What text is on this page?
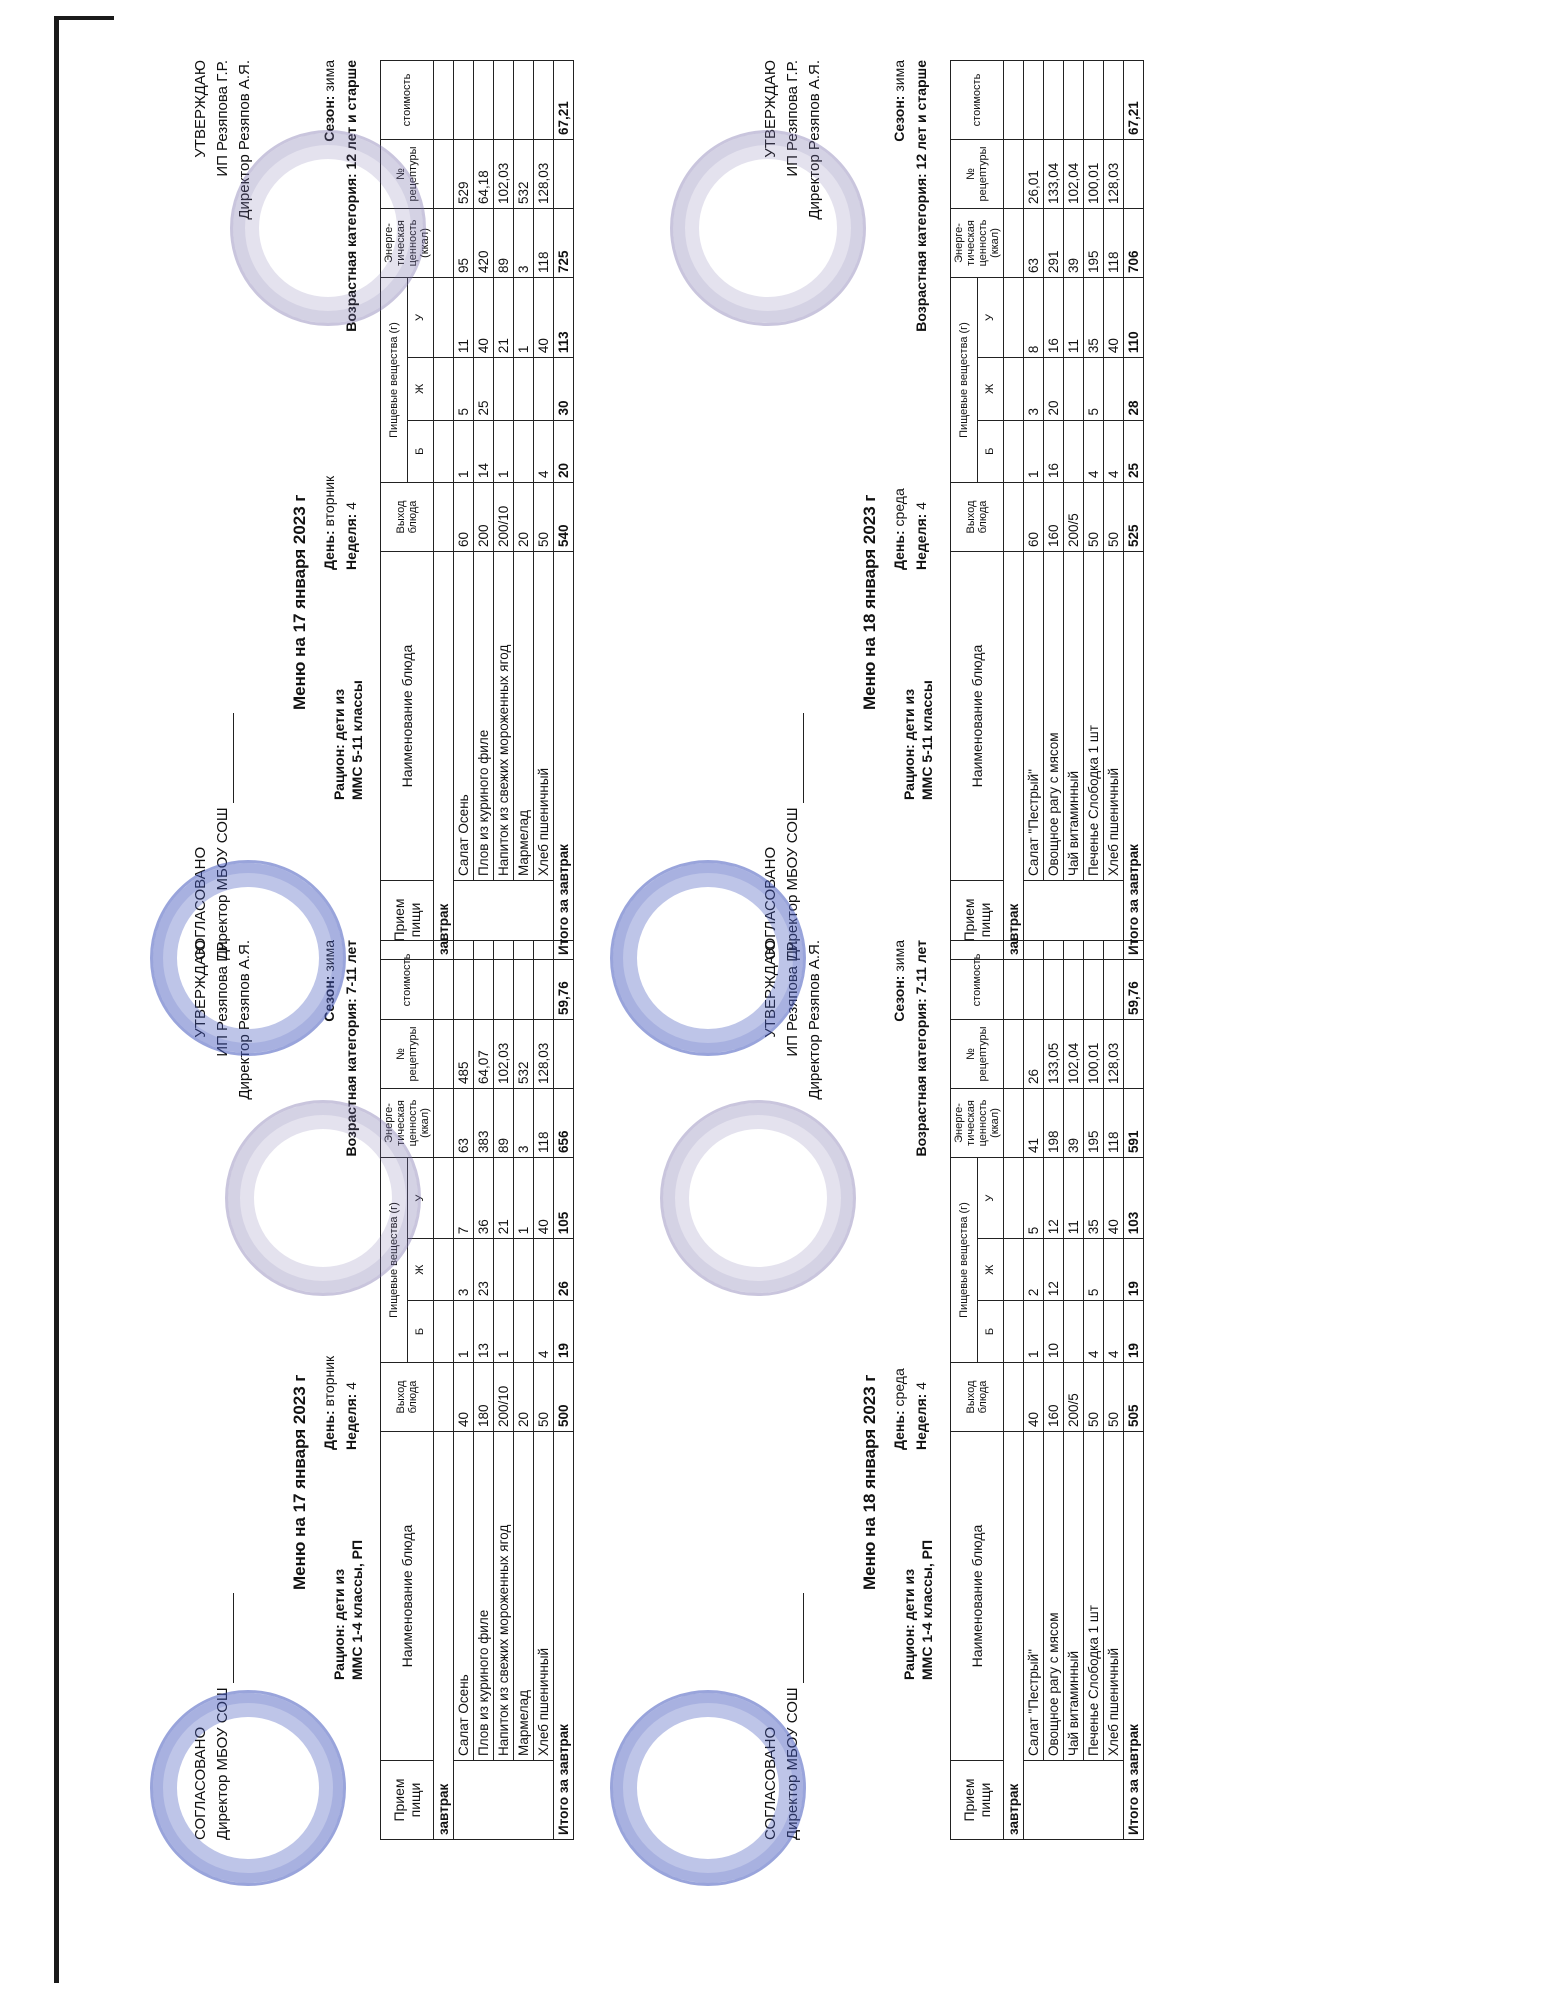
СОГЛАСОВАНО Директор МБОУ СОШ
УТВЕРЖДАЮ ИП Резяпова Г.Р. Директор Резяпов А.Я.
Меню на 17 января 2023 г
Рацион: дети из ММС 1-4 классы, РП
День: вторник
Неделя: 4
Сезон: зима Возрастная категория: 7-11 лет
Прием пищи	Наименование блюда	Выход блюда	Пищевые вещества (г)			Энерге-тическая ценность (ккал)	№ рецептуры	стоимость
			Б	Ж	У			
завтрак								
	Салат Осень	40	1	3	7	63	485	
	Плов из куриного филе	180	13	23	36	383	64,07	
	Напиток из свежих мороженных ягод	200/10	1		21	89	102,03	
	Мармелад	20			1	3	532	
	Хлеб пшеничный	50	4		40	118	128,03	
Итого за завтрак		500	19	26	105	656		59,76
СОГЛАСОВАНО Директор МБОУ СОШ
УТВЕРЖДАЮ ИП Резяпова Г.Р. Директор Резяпов А.Я.
Меню на 18 января 2023 г
Рацион: дети из ММС 1-4 классы, РП
День: среда
Неделя: 4
Сезон: зима Возрастная категория: 7-11 лет
Прием пищи	Наименование блюда	Выход блюда	Пищевые вещества (г)			Энерге-тическая ценность (ккал)	№ рецептуры	стоимость
			Б	Ж	У			
завтрак								
	Салат "Пестрый"	40	1	2	5	41	26	
	Овощное рагу с мясом	160	10	12	12	198	133,05	
	Чай витаминный	200/5			11	39	102,04	
	Печенье Слободка 1 шт	50	4	5	35	195	100,01	
	Хлеб пшеничный	50	4		40	118	128,03	
Итого за завтрак		505	19	19	103	591		59,76
СОГЛАСОВАНО Директор МБОУ СОШ
УТВЕРЖДАЮ ИП Резяпова Г.Р. Директор Резяпов А.Я.
Меню на 17 января 2023 г
Рацион: дети из ММС 5-11 классы
День: вторник
Неделя: 4
Сезон: зима Возрастная категория: 12 лет и старше
Прием пищи	Наименование блюда	Выход блюда	Пищевые вещества (г)			Энерге-тическая ценность (ккал)	№ рецептуры	стоимость
			Б	Ж	У			
завтрак								
	Салат Осень	60	1	5	11	95	529	
	Плов из куриного филе	200	14	25	40	420	64,18	
	Напиток из свежих мороженных ягод	200/10	1		21	89	102,03	
	Мармелад	20			1	3	532	
	Хлеб пшеничный	50	4		40	118	128,03	
Итого за завтрак		540	20	30	113	725		67,21
СОГЛАСОВАНО Директор МБОУ СОШ
УТВЕРЖДАЮ ИП Резяпова Г.Р. Директор Резяпов А.Я.
Меню на 18 января 2023 г
Рацион: дети из ММС 5-11 классы
День: среда
Неделя: 4
Сезон: зима Возрастная категория: 12 лет и старше
Прием пищи	Наименование блюда	Выход блюда	Пищевые вещества (г)			Энерге-тическая ценность (ккал)	№ рецептуры	стоимость
			Б	Ж	У			
завтрак								
	Салат "Пестрый"	60	1	3	8	63	26,01	
	Овощное рагу с мясом	160	16	20	16	291	133,04	
	Чай витаминный	200/5			11	39	102,04	
	Печенье Слободка 1 шт	50	4	5	35	195	100,01	
	Хлеб пшеничный	50	4		40	118	128,03	
Итого за завтрак		525	25	28	110	706		67,21
